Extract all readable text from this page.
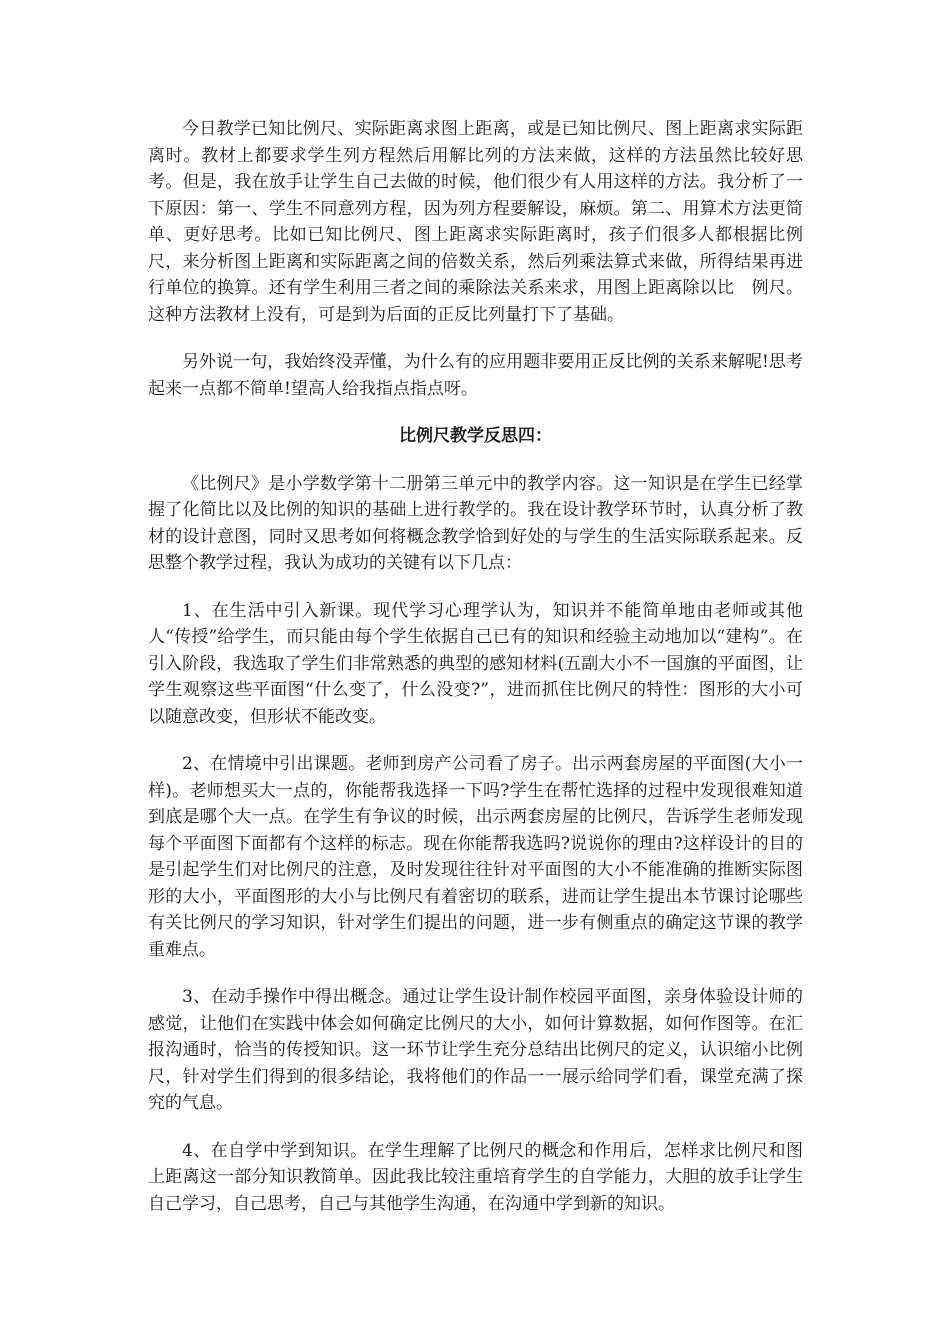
今日教学已知比例尺、实际距离求图上距离，或是已知比例尺、图上距离求实际距离时。教材上都要求学生列方程然后用解比列的方法来做，这样的方法虽然比较好思考。但是，我在放手让学生自己去做的时候，他们很少有人用这样的方法。我分析了一下原因：第一、学生不同意列方程，因为列方程要解设，麻烦。第二、用算术方法更简单、更好思考。比如已知比例尺、图上距离求实际距离时，孩子们很多人都根据比例尺，来分析图上距离和实际距离之间的倍数关系，然后列乘法算式来做，所得结果再进行单位的换算。还有学生利用三者之间的乘除法关系来求，用图上距离除以比　例尺。这种方法教材上没有，可是到为后面的正反比列量打下了基础。

另外说一句，我始终没弄懂，为什么有的应用题非要用正反比例的关系来解呢!思考起来一点都不简单!望高人给我指点指点呀。

比例尺教学反思四：

《比例尺》是小学数学第十二册第三单元中的教学内容。这一知识是在学生已经掌握了化简比以及比例的知识的基础上进行教学的。我在设计教学环节时，认真分析了教材的设计意图，同时又思考如何将概念教学恰到好处的与学生的生活实际联系起来。反思整个教学过程，我认为成功的关键有以下几点：

1、在生活中引入新课。现代学习心理学认为，知识并不能简单地由老师或其他人“传授”给学生，而只能由每个学生依据自己已有的知识和经验主动地加以“建构”。在引入阶段，我选取了学生们非常熟悉的典型的感知材料(五副大小不一国旗的平面图，让学生观察这些平面图“什么变了，什么没变?”，进而抓住比例尺的特性：图形的大小可以随意改变，但形状不能改变。

2、在情境中引出课题。老师到房产公司看了房子。出示两套房屋的平面图(大小一样)。老师想买大一点的，你能帮我选择一下吗?学生在帮忙选择的过程中发现很难知道到底是哪个大一点。在学生有争议的时候，出示两套房屋的比例尺，告诉学生老师发现每个平面图下面都有个这样的标志。现在你能帮我选吗?说说你的理由?这样设计的目的是引起学生们对比例尺的注意，及时发现往往针对平面图的大小不能准确的推断实际图形的大小，平面图形的大小与比例尺有着密切的联系，进而让学生提出本节课讨论哪些有关比例尺的学习知识，针对学生们提出的问题，进一步有侧重点的确定这节课的教学重难点。

3、在动手操作中得出概念。通过让学生设计制作校园平面图，亲身体验设计师的感觉，让他们在实践中体会如何确定比例尺的大小，如何计算数据，如何作图等。在汇报沟通时，恰当的传授知识。这一环节让学生充分总结出比例尺的定义，认识缩小比例尺，针对学生们得到的很多结论，我将他们的作品一一展示给同学们看，课堂充满了探究的气息。

4、在自学中学到知识。在学生理解了比例尺的概念和作用后，怎样求比例尺和图上距离这一部分知识教简单。因此我比较注重培育学生的自学能力，大胆的放手让学生自己学习，自己思考，自己与其他学生沟通，在沟通中学到新的知识。
